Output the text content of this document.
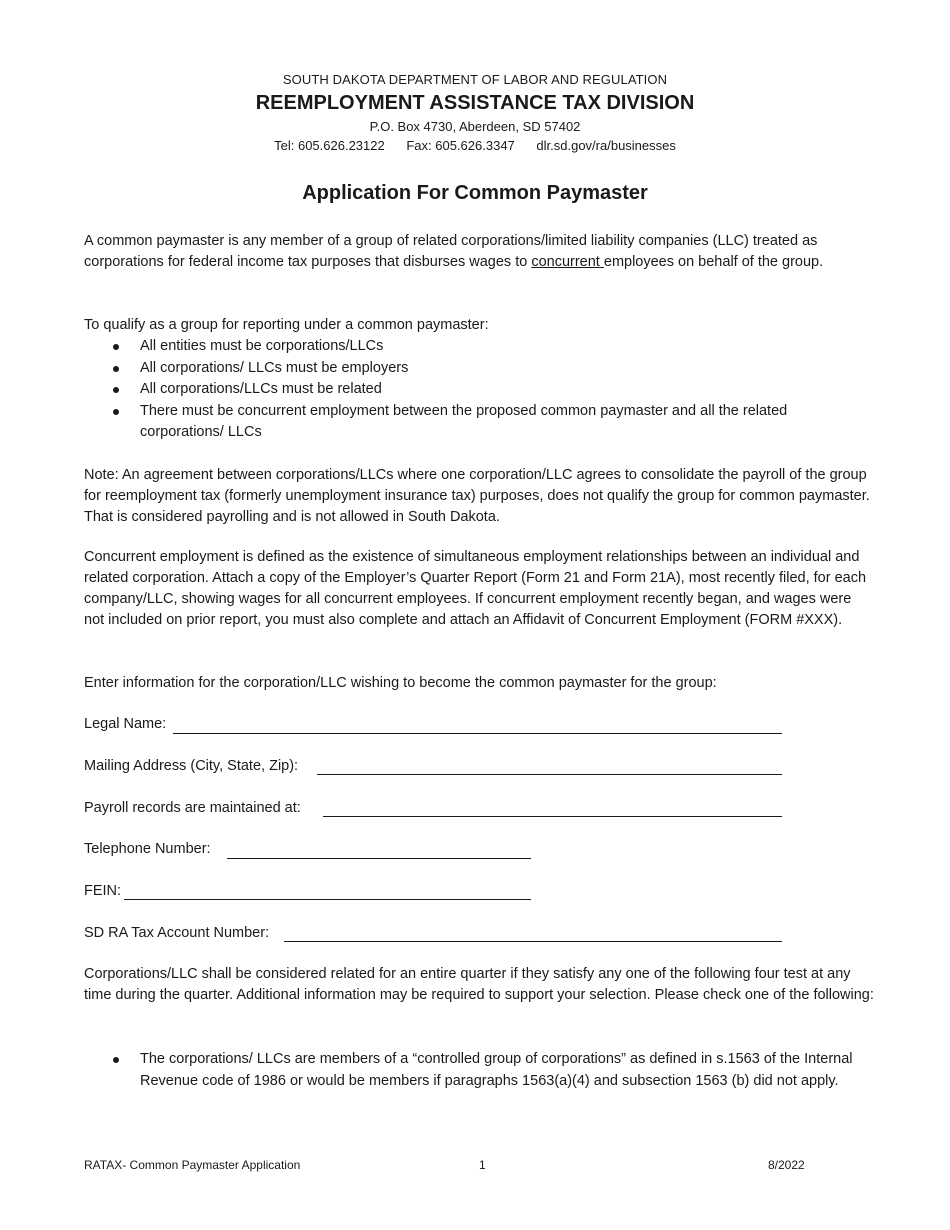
SOUTH DAKOTA DEPARTMENT OF LABOR AND REGULATION
REEMPLOYMENT ASSISTANCE TAX DIVISION
P.O. Box 4730, Aberdeen, SD 57402
Tel: 605.626.23122 Fax: 605.626.3347 dlr.sd.gov/ra/businesses
Application For Common Paymaster

A common paymaster is any member of a group of related corporations/limited liability companies (LLC) treated as corporations for federal income tax purposes that disburses wages to concurrent employees on behalf of the group.

To qualify as a group for reporting under a common paymaster:

All entities must be corporations/LLCs
All corporations/ LLCs must be employers
All corporations/LLCs must be related
There must be concurrent employment between the proposed common paymaster and all the related corporations/ LLCs
Note: An agreement between corporations/LLCs where one corporation/LLC agrees to consolidate the payroll of the group for reemployment tax (formerly unemployment insurance tax) purposes, does not qualify the group for common paymaster. That is considered payrolling and is not allowed in South Dakota.
Concurrent employment is defined as the existence of simultaneous employment relationships between an individual and related corporation. Attach a copy of the Employer’s Quarter Report (Form 21 and Form 21A), most recently filed, for each company/LLC, showing wages for all concurrent employees. If concurrent employment recently began, and wages were not included on prior report, you must also complete and attach an Affidavit of Concurrent Employment (FORM #XXX).
Enter information for the corporation/LLC wishing to become the common paymaster for the group:
Legal Name:
Mailing Address (City, State, Zip):
Payroll records are maintained at:
Telephone Number:
FEIN:
SD RA Tax Account Number:
Corporations/LLC shall be considered related for an entire quarter if they satisfy any one of the following four test at any time during the quarter. Additional information may be required to support your selection. Please check one of the following:
The corporations/ LLCs are members of a “controlled group of corporations” as defined in s.1563 of the Internal Revenue code of 1986 or would be members if paragraphs 1563(a)(4) and subsection 1563 (b) did not apply.
RATAX- Common Paymaster Application	1	8/2022
